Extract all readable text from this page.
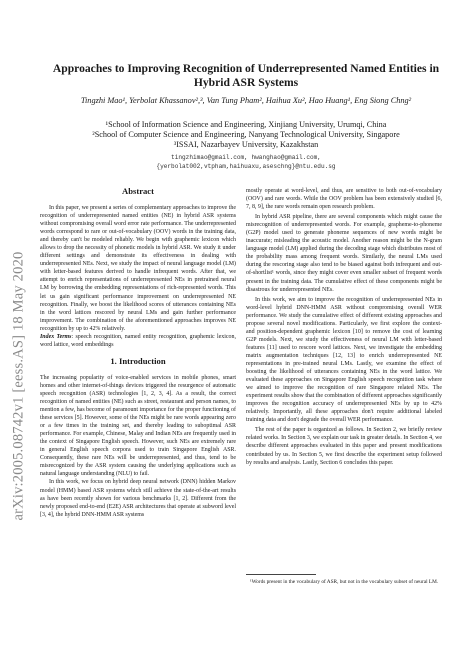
arXiv:2005.08742v1 [eess.AS] 18 May 2020
Approaches to Improving Recognition of Underrepresented Named Entities in
Hybrid ASR Systems
Tingzhi Mao¹, Yerbolat Khassanov²,³, Van Tung Pham², Haihua Xu², Hao Huang¹, Eng Siong Chng²
¹School of Information Science and Engineering, Xinjiang University, Urumqi, China
²School of Computer Science and Engineering, Nanyang Technological University, Singapore
³ISSAI, Nazarbayev University, Kazakhstan
tingzhimao@gmail.com, hwanghao@gmail.com,
{yerbolat002,vtpham,haihuaxu,aseschng}@ntu.edu.sg
Abstract

In this paper, we present a series of complementary approaches to improve the recognition of underrepresented named entities (NE) in hybrid ASR systems without compromising overall word error rate performance. The underrepresented words correspond to rare or out-of-vocabulary (OOV) words in the training data, and thereby can't be modeled reliably. We begin with graphemic lexicon which allows to drop the necessity of phonetic models in hybrid ASR. We study it under different settings and demonstrate its effectiveness in dealing with underrepresented NEs. Next, we study the impact of neural language model (LM) with letter-based features derived to handle infrequent words. After that, we attempt to enrich representations of underrepresented NEs in pretrained neural LM by borrowing the embedding representations of rich-represented words. This let us gain significant performance improvement on underrepresented NE recognition. Finally, we boost the likelihood scores of utterances containing NEs in the word lattices rescored by neural LMs and gain further performance improvement. The combination of the aforementioned approaches improves NE recognition by up to 42% relatively.

Index Terms: speech recognition, named entity recognition, graphemic lexicon, word lattice, word embeddings

1. Introduction

The increasing popularity of voice-enabled services in mobile phones, smart homes and other internet-of-things devices triggered the resurgence of automatic speech recognition (ASR) technologies [1, 2, 3, 4]. As a result, the correct recognition of named entities (NE) such as street, restaurant and person names, to mention a few, has become of paramount importance for the proper functioning of these services [5]. However, some of the NEs might be rare words appearing zero or a few times in the training set, and thereby leading to suboptimal ASR performance. For example, Chinese, Malay and Indian NEs are frequently used in the context of Singapore English speech. However, such NEs are extremely rare in general English speech corpora used to train Singapore English ASR. Consequently, these rare NEs will be underrepresented, and thus, tend to be misrecognized by the ASR system causing the underlying applications such as natural language understanding (NLU) to fail.

In this work, we focus on hybrid deep neural network (DNN) hidden Markov model (HMM) based ASR systems which still achieve the state-of-the-art results as have been recently shown for various benchmarks [1, 2]. Different from the newly proposed end-to-end (E2E) ASR architectures that operate at subword level [3, 4], the hybrid DNN-HMM ASR systems

mostly operate at word-level, and thus, are sensitive to both out-of-vocabulary (OOV) and rare words. While the OOV problem has been extensively studied [6, 7, 8, 9], the rare words remain open research problem.

In hybrid ASR pipeline, there are several components which might cause the misrecognition of underrepresented words. For example, grapheme-to-phoneme (G2P) model used to generate phoneme sequences of new words might be inaccurate; misleading the acoustic model. Another reason might be the N-gram language model (LM) applied during the decoding stage which distributes most of the probability mass among frequent words. Similarly, the neural LMs used during the rescoring stage also tend to be biased against both infrequent and out-of-shortlist¹ words, since they might cover even smaller subset of frequent words present in the training data. The cumulative effect of these components might be disastrous for underrepresented NEs.

In this work, we aim to improve the recognition of underrepresented NEs in word-level hybrid DNN-HMM ASR without compromising overall WER performance. We study the cumulative effect of different existing approaches and propose several novel modifications. Particularly, we first explore the context- and position-dependent graphemic lexicon [10] to remove the cost of learning G2P models. Next, we study the effectiveness of neural LM with letter-based features [11] used to rescore word lattices. Next, we investigate the embedding matrix augmentation techniques [12, 13] to enrich underrepresented NE representations in pre-trained neural LMs. Lastly, we examine the effect of boosting the likelihood of utterances containing NEs in the word lattice. We evaluated these approaches on Singapore English speech recognition task where we aimed to improve the recognition of rare Singapore related NEs. The experiment results show that the combination of different approaches significantly improves the recognition accuracy of underrepresented NEs by up to 42% relatively. Importantly, all these approaches don't require additional labeled training data and don't degrade the overall WER performance.

The rest of the paper is organized as follows. In Section 2, we briefly review related works. In Section 3, we explain our task in greater details. In Section 4, we describe different approaches evaluated in this paper and present modifications contributed by us. In Section 5, we first describe the experiment setup followed by results and analysis. Lastly, Section 6 concludes this paper.

¹Words present in the vocabulary of ASR, but not in the vocabulary subset of neural LM.
